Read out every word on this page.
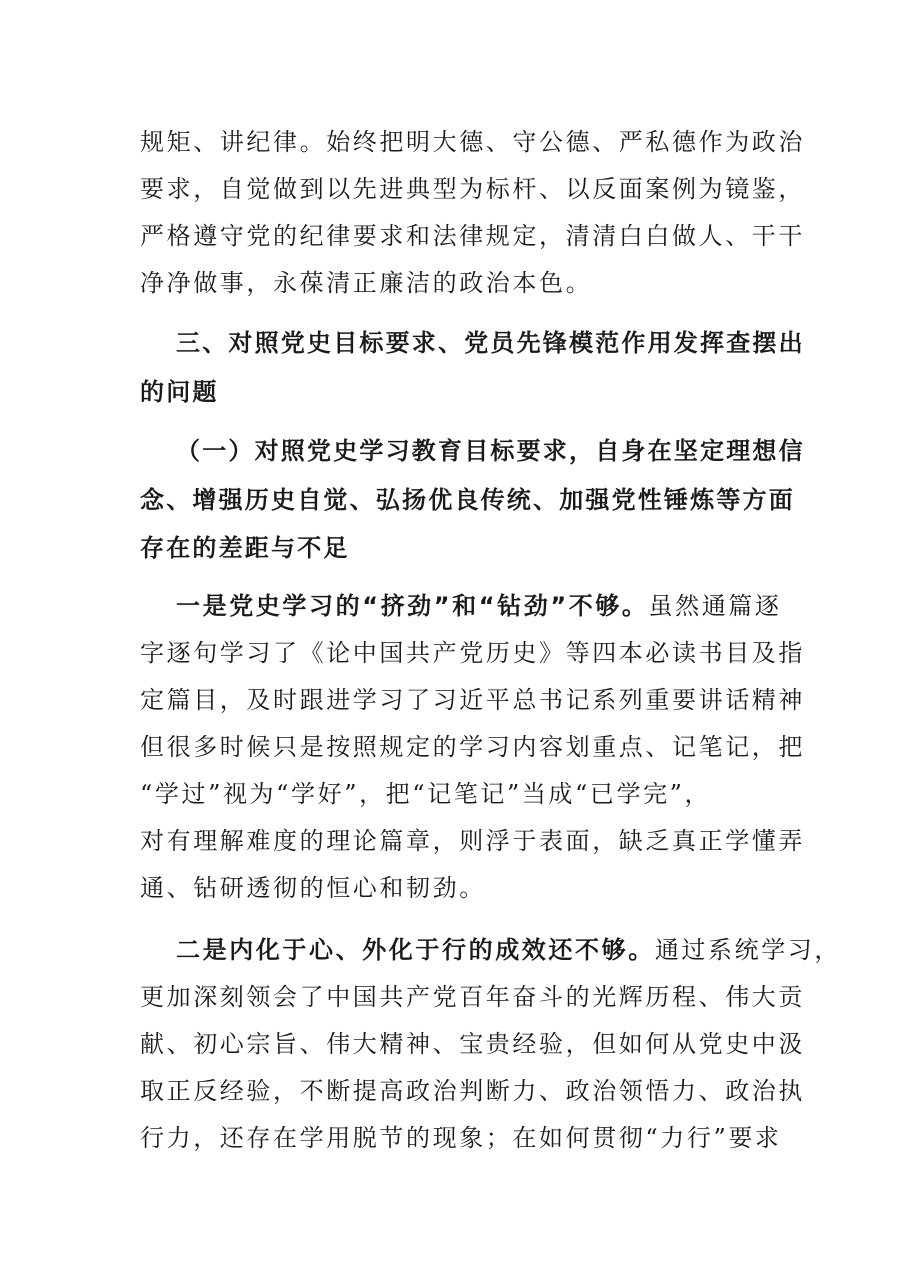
规矩、讲纪律。始终把明大德、守公德、严私德作为政治
要求，自觉做到以先进典型为标杆、以反面案例为镜鉴，
严格遵守党的纪律要求和法律规定，清清白白做人、干干
净净做事，永葆清正廉洁的政治本色。
三、对照党史目标要求、党员先锋模范作用发挥查摆出
的问题
（一）对照党史学习教育目标要求，自身在坚定理想信
念、增强历史自觉、弘扬优良传统、加强党性锤炼等方面
存在的差距与不足
一是党史学习的“挤劲”和“钻劲”不够。虽然通篇逐
字逐句学习了《论中国共产党历史》等四本必读书目及指
定篇目，及时跟进学习了习近平总书记系列重要讲话精神
但很多时候只是按照规定的学习内容划重点、记笔记，把
“学过”视为“学好”，把“记笔记”当成“已学完”，
对有理解难度的理论篇章，则浮于表面，缺乏真正学懂弄
通、钻研透彻的恒心和韧劲。
二是内化于心、外化于行的成效还不够。通过系统学习，
更加深刻领会了中国共产党百年奋斗的光辉历程、伟大贡
献、初心宗旨、伟大精神、宝贵经验，但如何从党史中汲
取正反经验，不断提高政治判断力、政治领悟力、政治执
行力，还存在学用脱节的现象；在如何贯彻“力行”要求
